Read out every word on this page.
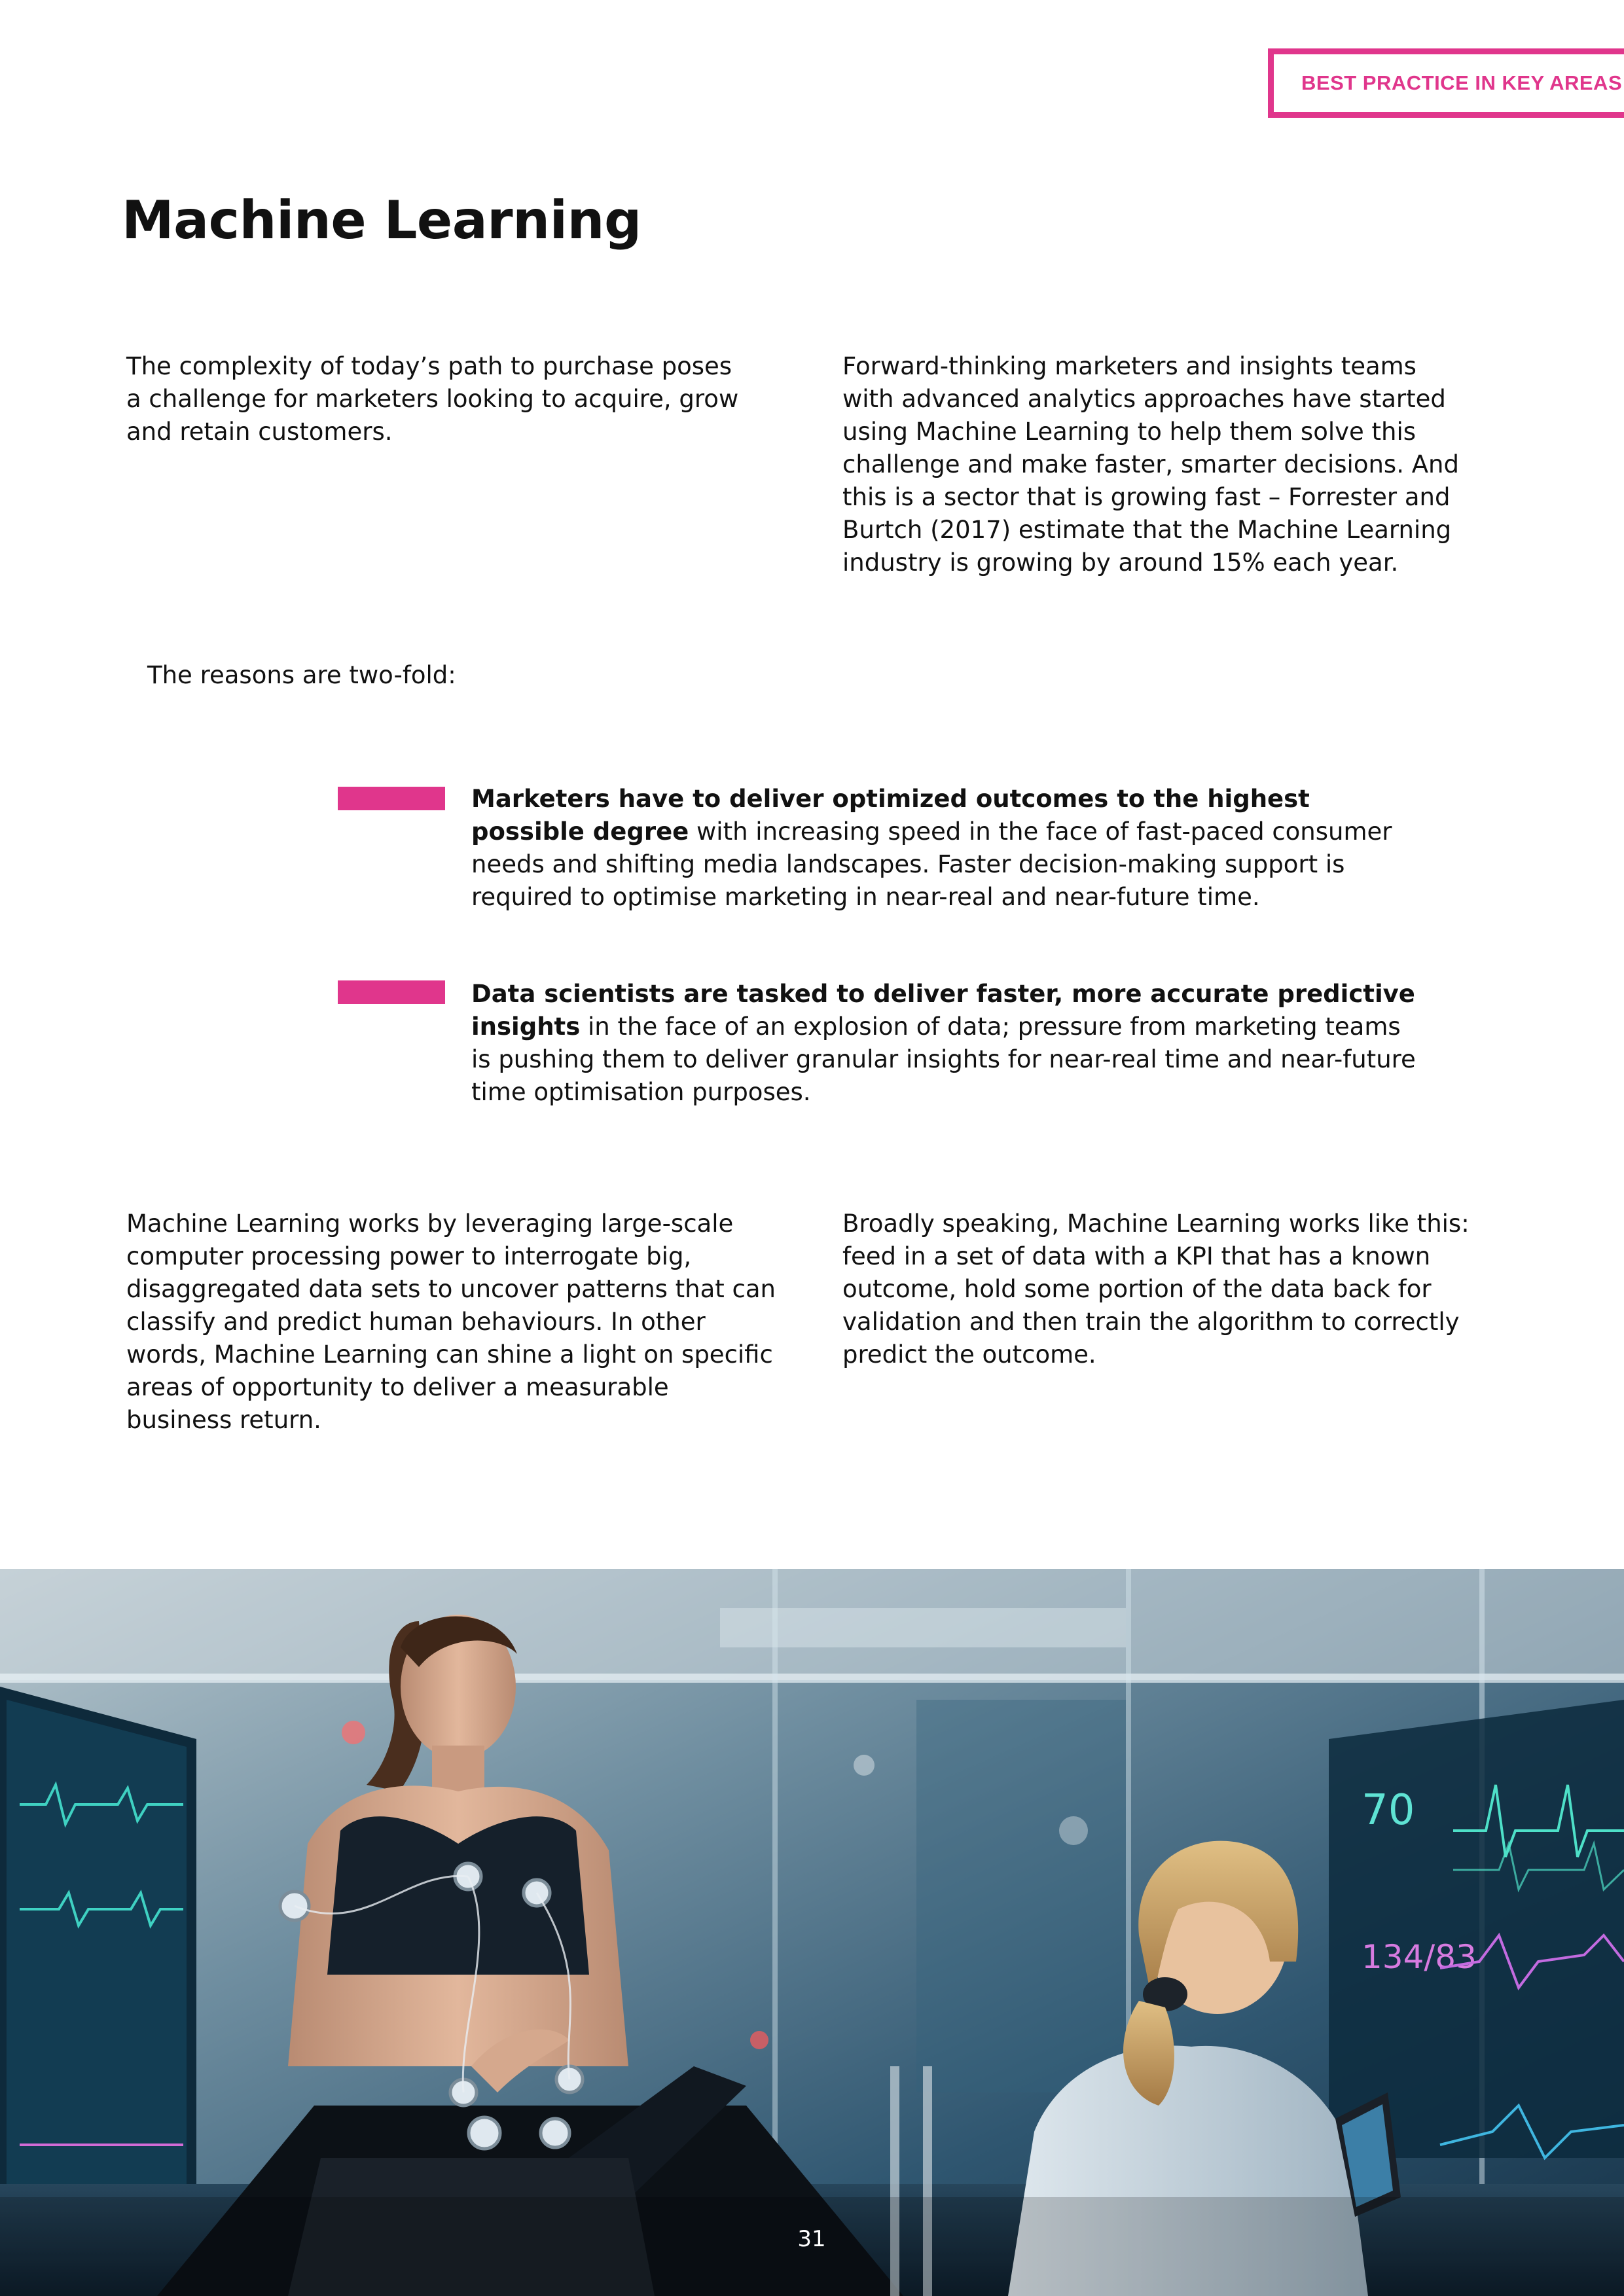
BEST PRACTICE IN KEY AREAS
Machine Learning

The complexity of today’s path to purchase poses a challenge for marketers looking to acquire, grow and retain customers.

Forward-thinking marketers and insights teams with advanced analytics approaches have started using Machine Learning to help them solve this challenge and make faster, smarter decisions. And this is a sector that is growing fast – Forrester and Burtch (2017) estimate that the Machine Learning industry is growing by around 15% each year.

The reasons are two-fold:

Marketers have to deliver optimized outcomes to the highest possible degree with increasing speed in the face of fast-paced consumer needs and shifting media landscapes. Faster decision-making support is required to optimise marketing in near-real and near-future time.

Data scientists are tasked to deliver faster, more accurate predictive insights in the face of an explosion of data; pressure from marketing teams is pushing them to deliver granular insights for near-real time and near-future time optimisation purposes.

Machine Learning works by leveraging large-scale computer processing power to interrogate big, disaggregated data sets to uncover patterns that can classify and predict human behaviours. In other words, Machine Learning can shine a light on specific areas of opportunity to deliver a measurable business return.

Broadly speaking, Machine Learning works like this: feed in a set of data with a KPI that has a known outcome, hold some portion of the data back for validation and then train the algorithm to correctly predict the outcome.

70
134/83
31
